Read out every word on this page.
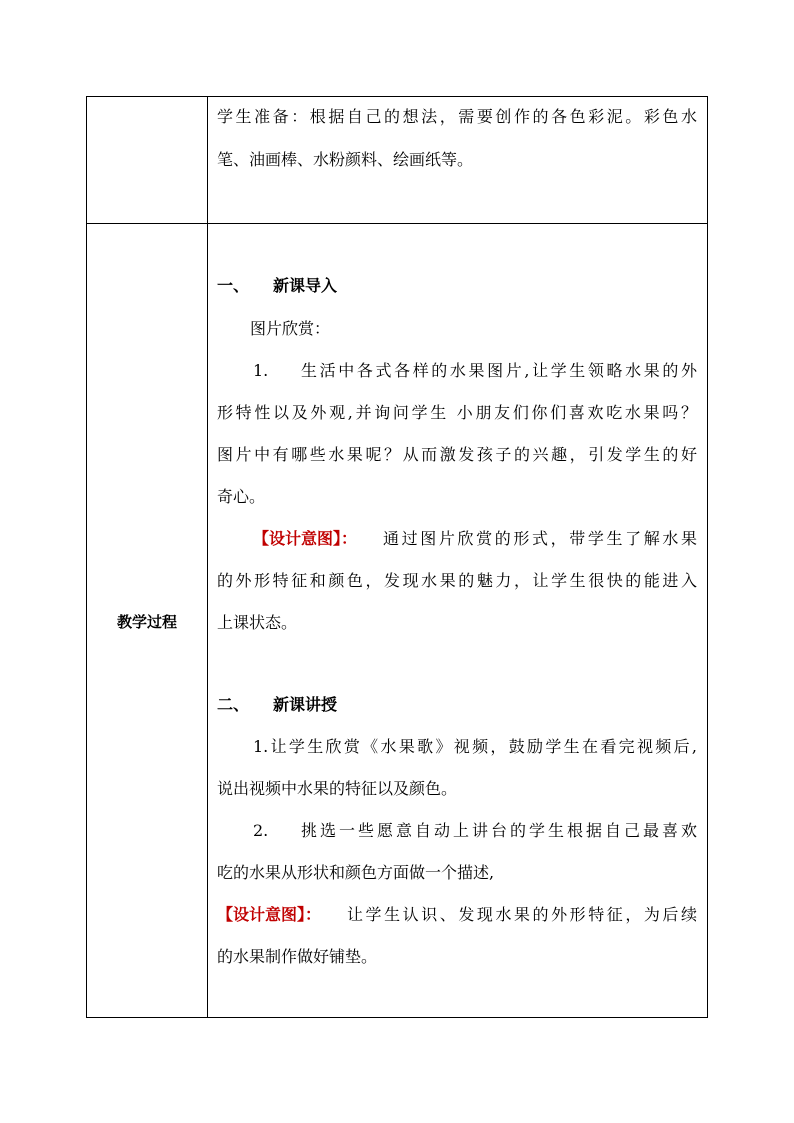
学生准备：根据自己的想法，需要创作的各色彩泥。彩色水
笔、油画棒、水粉颜料、绘画纸等。
教学过程
一、 新课导入
图片欣赏：
1. 生活中各式各样的水果图片,让学生领略水果的外
形特性以及外观,并询问学生 小朋友们你们喜欢吃水果吗？
图片中有哪些水果呢？从而激发孩子的兴趣，引发学生的好
奇心。
【设计意图】： 通过图片欣赏的形式，带学生了解水果
的外形特征和颜色，发现水果的魅力，让学生很快的能进入
上课状态。
二、 新课讲授
1.让学生欣赏《水果歌》视频，鼓励学生在看完视频后,
说出视频中水果的特征以及颜色。
2. 挑选一些愿意自动上讲台的学生根据自己最喜欢
吃的水果从形状和颜色方面做一个描述,
【设计意图】： 让学生认识、发现水果的外形特征，为后续
的水果制作做好铺垫。
